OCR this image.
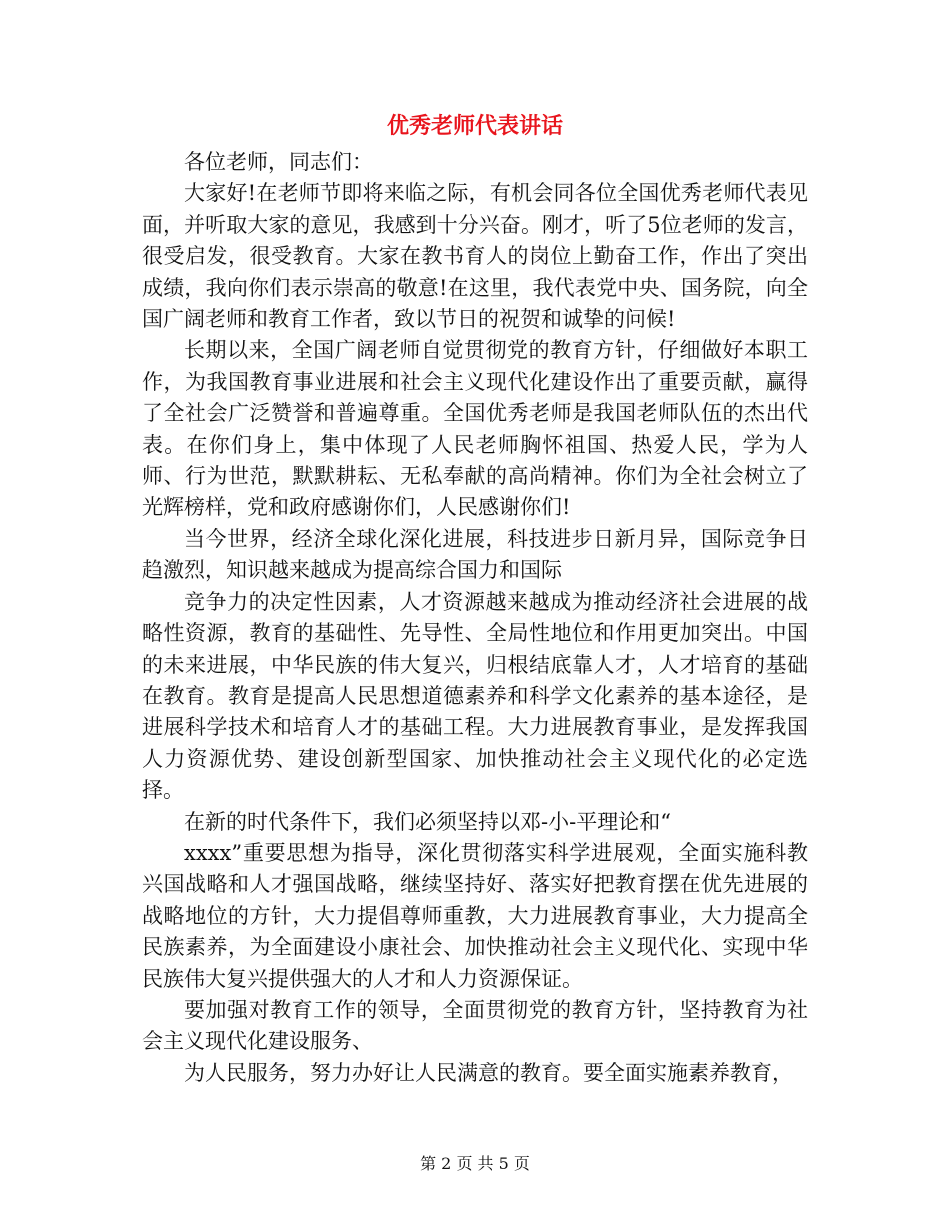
优秀老师代表讲话

各位老师，同志们：

大家好!在老师节即将来临之际，有机会同各位全国优秀老师代表见面，并听取大家的意见，我感到十分兴奋。刚才，听了5位老师的发言，很受启发，很受教育。大家在教书育人的岗位上勤奋工作，作出了突出成绩，我向你们表示崇高的敬意!在这里，我代表党中央、国务院，向全国广阔老师和教育工作者，致以节日的祝贺和诚挚的问候!

长期以来，全国广阔老师自觉贯彻党的教育方针，仔细做好本职工作，为我国教育事业进展和社会主义现代化建设作出了重要贡献，赢得了全社会广泛赞誉和普遍尊重。全国优秀老师是我国老师队伍的杰出代表。在你们身上，集中体现了人民老师胸怀祖国、热爱人民，学为人师、行为世范，默默耕耘、无私奉献的高尚精神。你们为全社会树立了光辉榜样，党和政府感谢你们，人民感谢你们!

当今世界，经济全球化深化进展，科技进步日新月异，国际竞争日趋激烈，知识越来越成为提高综合国力和国际

竞争力的决定性因素，人才资源越来越成为推动经济社会进展的战略性资源，教育的基础性、先导性、全局性地位和作用更加突出。中国的未来进展，中华民族的伟大复兴，归根结底靠人才，人才培育的基础在教育。教育是提高人民思想道德素养和科学文化素养的基本途径，是进展科学技术和培育人才的基础工程。大力进展教育事业，是发挥我国人力资源优势、建设创新型国家、加快推动社会主义现代化的必定选择。

在新的时代条件下，我们必须坚持以邓-小-平理论和“

xxxx”重要思想为指导，深化贯彻落实科学进展观，全面实施科教兴国战略和人才强国战略，继续坚持好、落实好把教育摆在优先进展的战略地位的方针，大力提倡尊师重教，大力进展教育事业，大力提高全民族素养，为全面建设小康社会、加快推动社会主义现代化、实现中华民族伟大复兴提供强大的人才和人力资源保证。

要加强对教育工作的领导，全面贯彻党的教育方针，坚持教育为社会主义现代化建设服务、

为人民服务，努力办好让人民满意的教育。要全面实施素养教育，

第 2 页 共 5 页
